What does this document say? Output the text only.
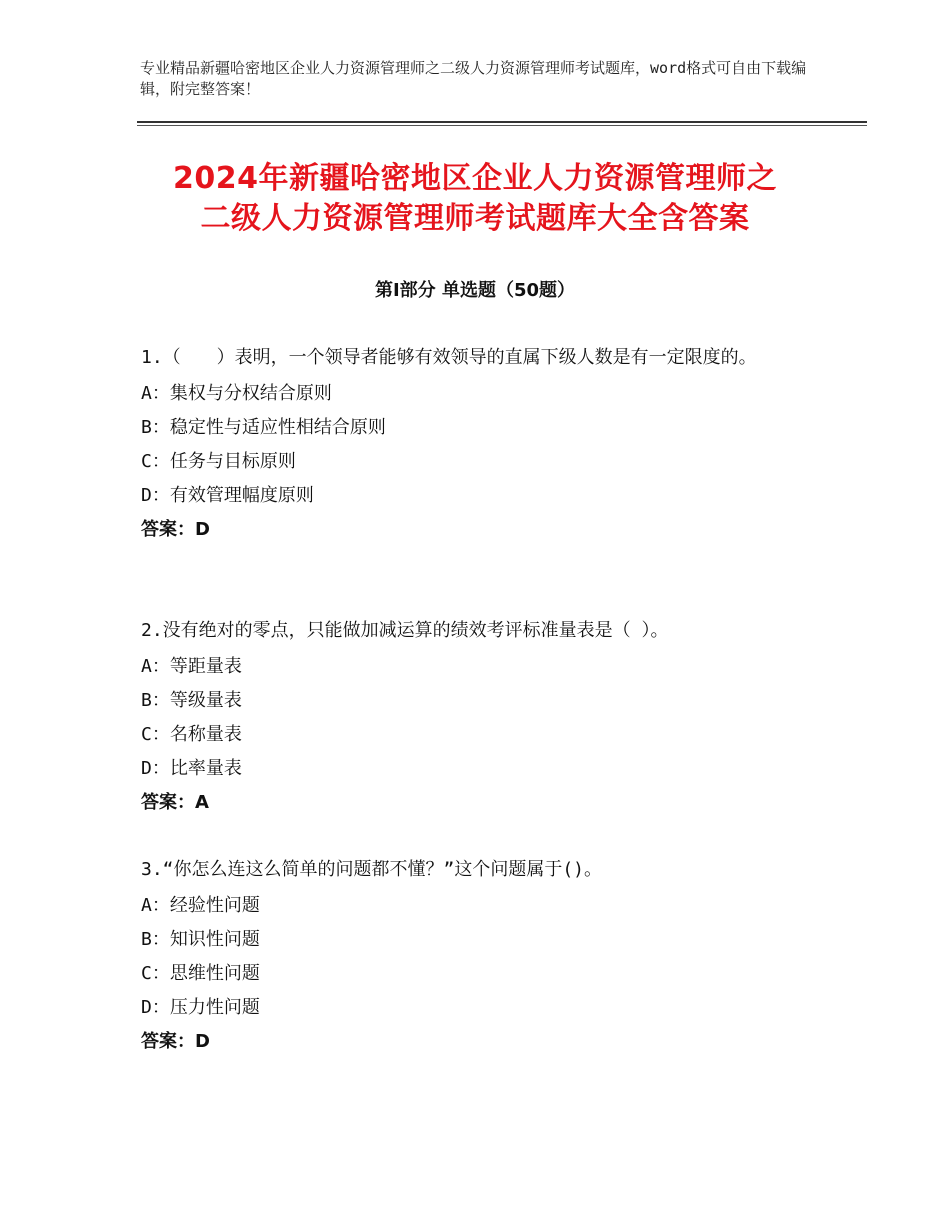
专业精品新疆哈密地区企业人力资源管理师之二级人力资源管理师考试题库，word格式可自由下载编辑，附完整答案！
2024年新疆哈密地区企业人力资源管理师之
二级人力资源管理师考试题库大全含答案
第Ⅰ部分 单选题（50题）
1.（　　）表明，一个领导者能够有效领导的直属下级人数是有一定限度的。
A：集权与分权结合原则
B：稳定性与适应性相结合原则
C：任务与目标原则
D：有效管理幅度原则
答案：D
2.没有绝对的零点，只能做加减运算的绩效考评标准量表是（ ）。
A：等距量表
B：等级量表
C：名称量表
D：比率量表
答案：A
3.“你怎么连这么简单的问题都不懂？”这个问题属于()。
A：经验性问题
B：知识性问题
C：思维性问题
D：压力性问题
答案：D
